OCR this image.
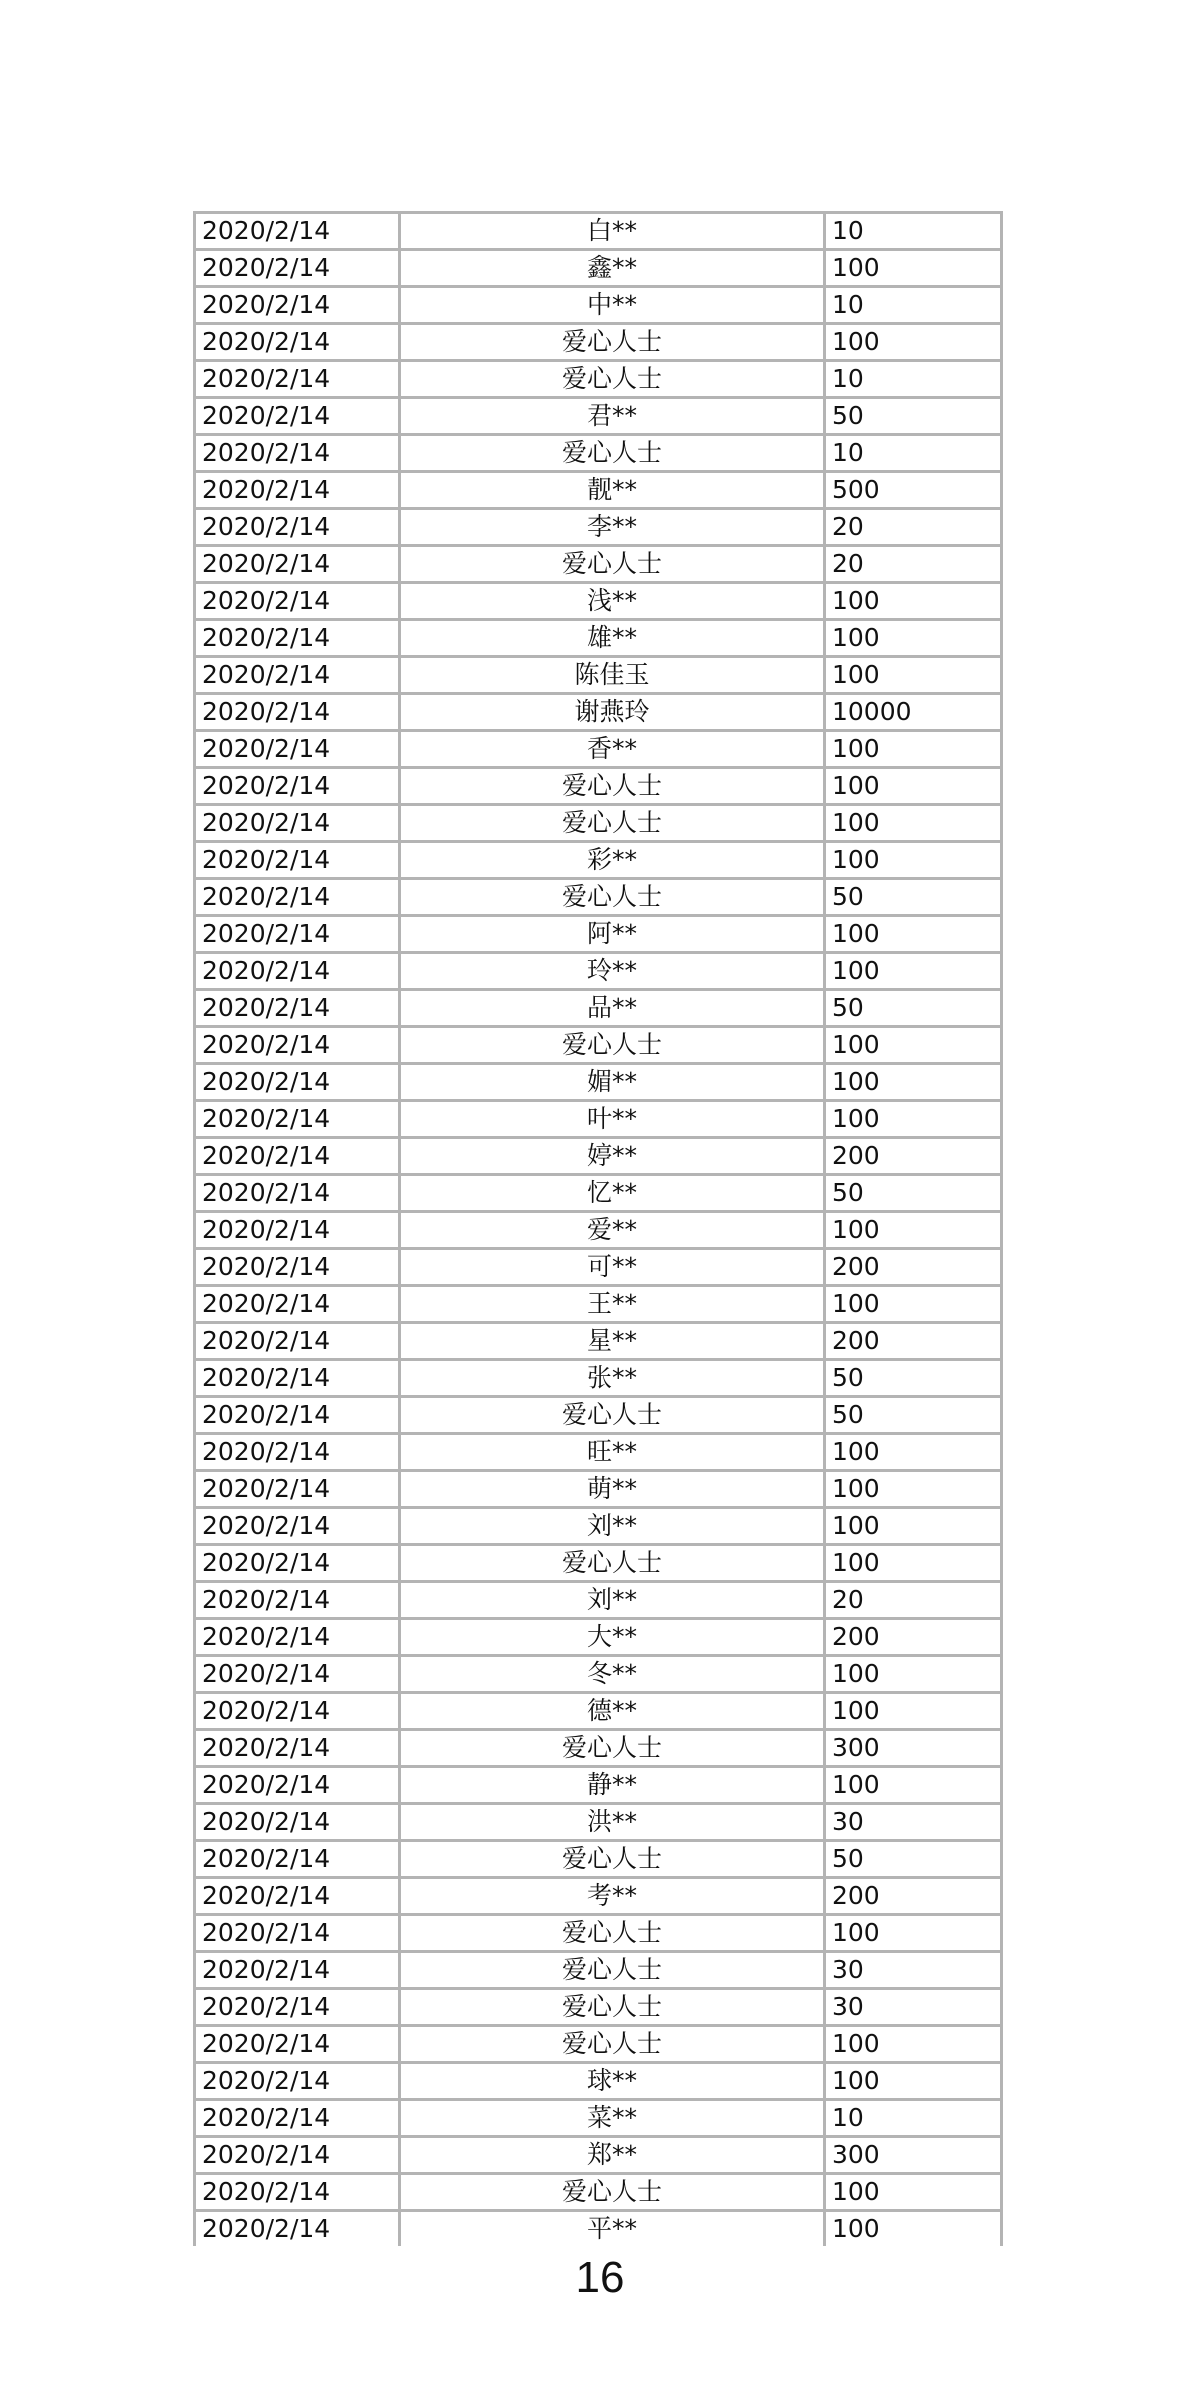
2020/2/14	白**	10
2020/2/14	鑫**	100
2020/2/14	中**	10
2020/2/14	爱心人士	100
2020/2/14	爱心人士	10
2020/2/14	君**	50
2020/2/14	爱心人士	10
2020/2/14	靓**	500
2020/2/14	李**	20
2020/2/14	爱心人士	20
2020/2/14	浅**	100
2020/2/14	雄**	100
2020/2/14	陈佳玉	100
2020/2/14	谢燕玲	10000
2020/2/14	香**	100
2020/2/14	爱心人士	100
2020/2/14	爱心人士	100
2020/2/14	彩**	100
2020/2/14	爱心人士	50
2020/2/14	阿**	100
2020/2/14	玲**	100
2020/2/14	品**	50
2020/2/14	爱心人士	100
2020/2/14	媚**	100
2020/2/14	叶**	100
2020/2/14	婷**	200
2020/2/14	忆**	50
2020/2/14	爱**	100
2020/2/14	可**	200
2020/2/14	王**	100
2020/2/14	星**	200
2020/2/14	张**	50
2020/2/14	爱心人士	50
2020/2/14	旺**	100
2020/2/14	萌**	100
2020/2/14	刘**	100
2020/2/14	爱心人士	100
2020/2/14	刘**	20
2020/2/14	大**	200
2020/2/14	冬**	100
2020/2/14	德**	100
2020/2/14	爱心人士	300
2020/2/14	静**	100
2020/2/14	洪**	30
2020/2/14	爱心人士	50
2020/2/14	考**	200
2020/2/14	爱心人士	100
2020/2/14	爱心人士	30
2020/2/14	爱心人士	30
2020/2/14	爱心人士	100
2020/2/14	球**	100
2020/2/14	菜**	10
2020/2/14	郑**	300
2020/2/14	爱心人士	100
2020/2/14	平**	100
16
